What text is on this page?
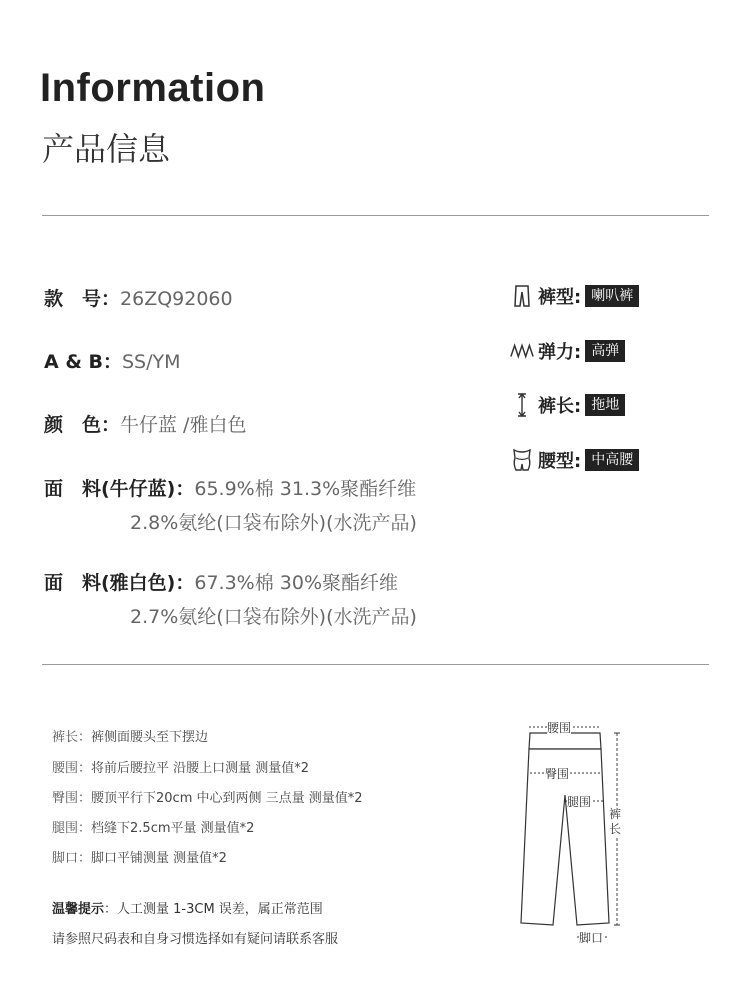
Information
产品信息
款　号：26ZQ92060
A & B：SS/YM
颜　色：牛仔蓝 /雅白色
面　料(牛仔蓝)：65.9%棉 31.3%聚酯纤维
2.8%氨纶(口袋布除外)(水洗产品)
面　料(雅白色)：67.3%棉 30%聚酯纤维
2.7%氨纶(口袋布除外)(水洗产品)
裤型: 喇叭裤
弹力: 高弹
裤长: 拖地
腰型: 中高腰
裤长：裤侧面腰头至下摆边
腰围：将前后腰拉平 沿腰上口测量 测量值*2
臀围：腰顶平行下20cm 中心到两侧 三点量 测量值*2
腿围：档缝下2.5cm平量 测量值*2
脚口：脚口平铺测量 测量值*2
温馨提示：人工测量 1-3CM 误差，属正常范围
请参照尺码表和自身习惯选择如有疑问请联系客服
腰围
臀围
腿围
裤长
脚口
